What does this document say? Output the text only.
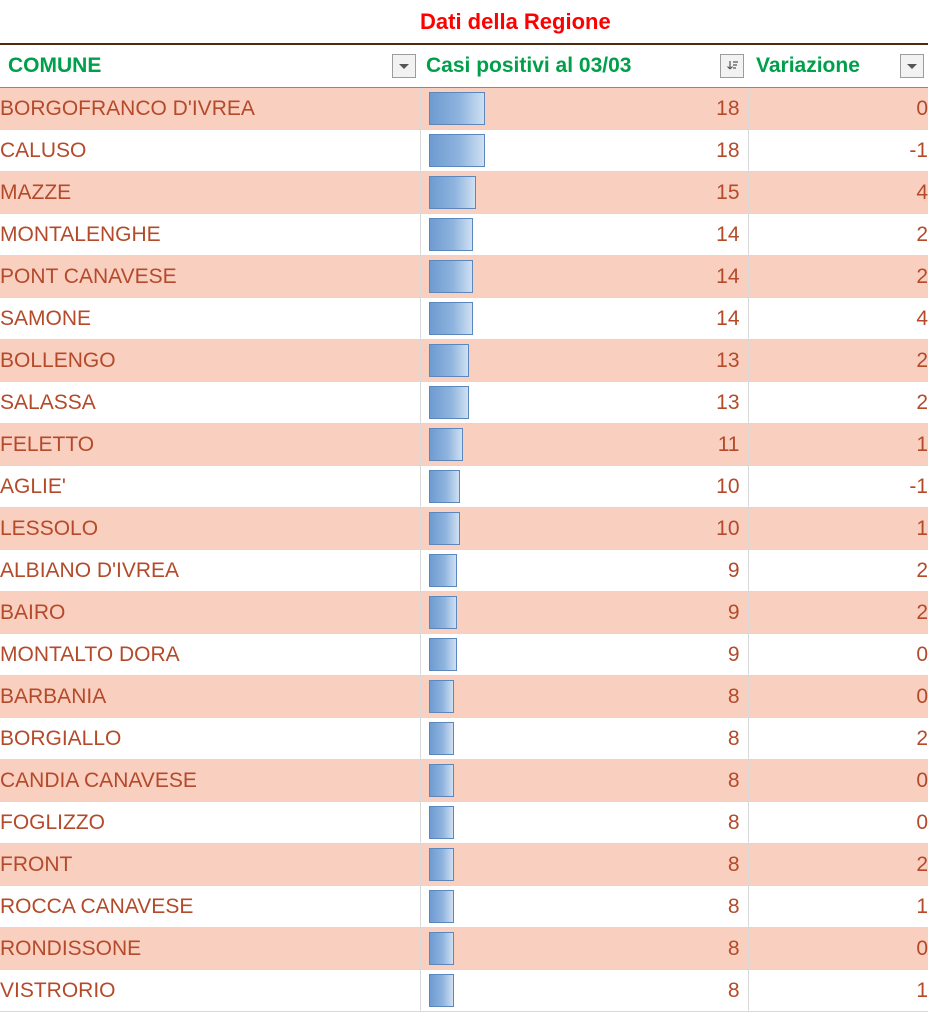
	Dati della Regione	

COMUNE	Casi positivi al 03/03	Variazione

BORGOFRANCO D'IVREA	18	0
CALUSO	18	-1
MAZZE	15	4
MONTALENGHE	14	2
PONT CANAVESE	14	2
SAMONE	14	4
BOLLENGO	13	2
SALASSA	13	2
FELETTO	11	1
AGLIE'	10	-1
LESSOLO	10	1
ALBIANO D'IVREA	9	2
BAIRO	9	2
MONTALTO DORA	9	0
BARBANIA	8	0
BORGIALLO	8	2
CANDIA CANAVESE	8	0
FOGLIZZO	8	0
FRONT	8	2
ROCCA CANAVESE	8	1
RONDISSONE	8	0
VISTRORIO	8	1
